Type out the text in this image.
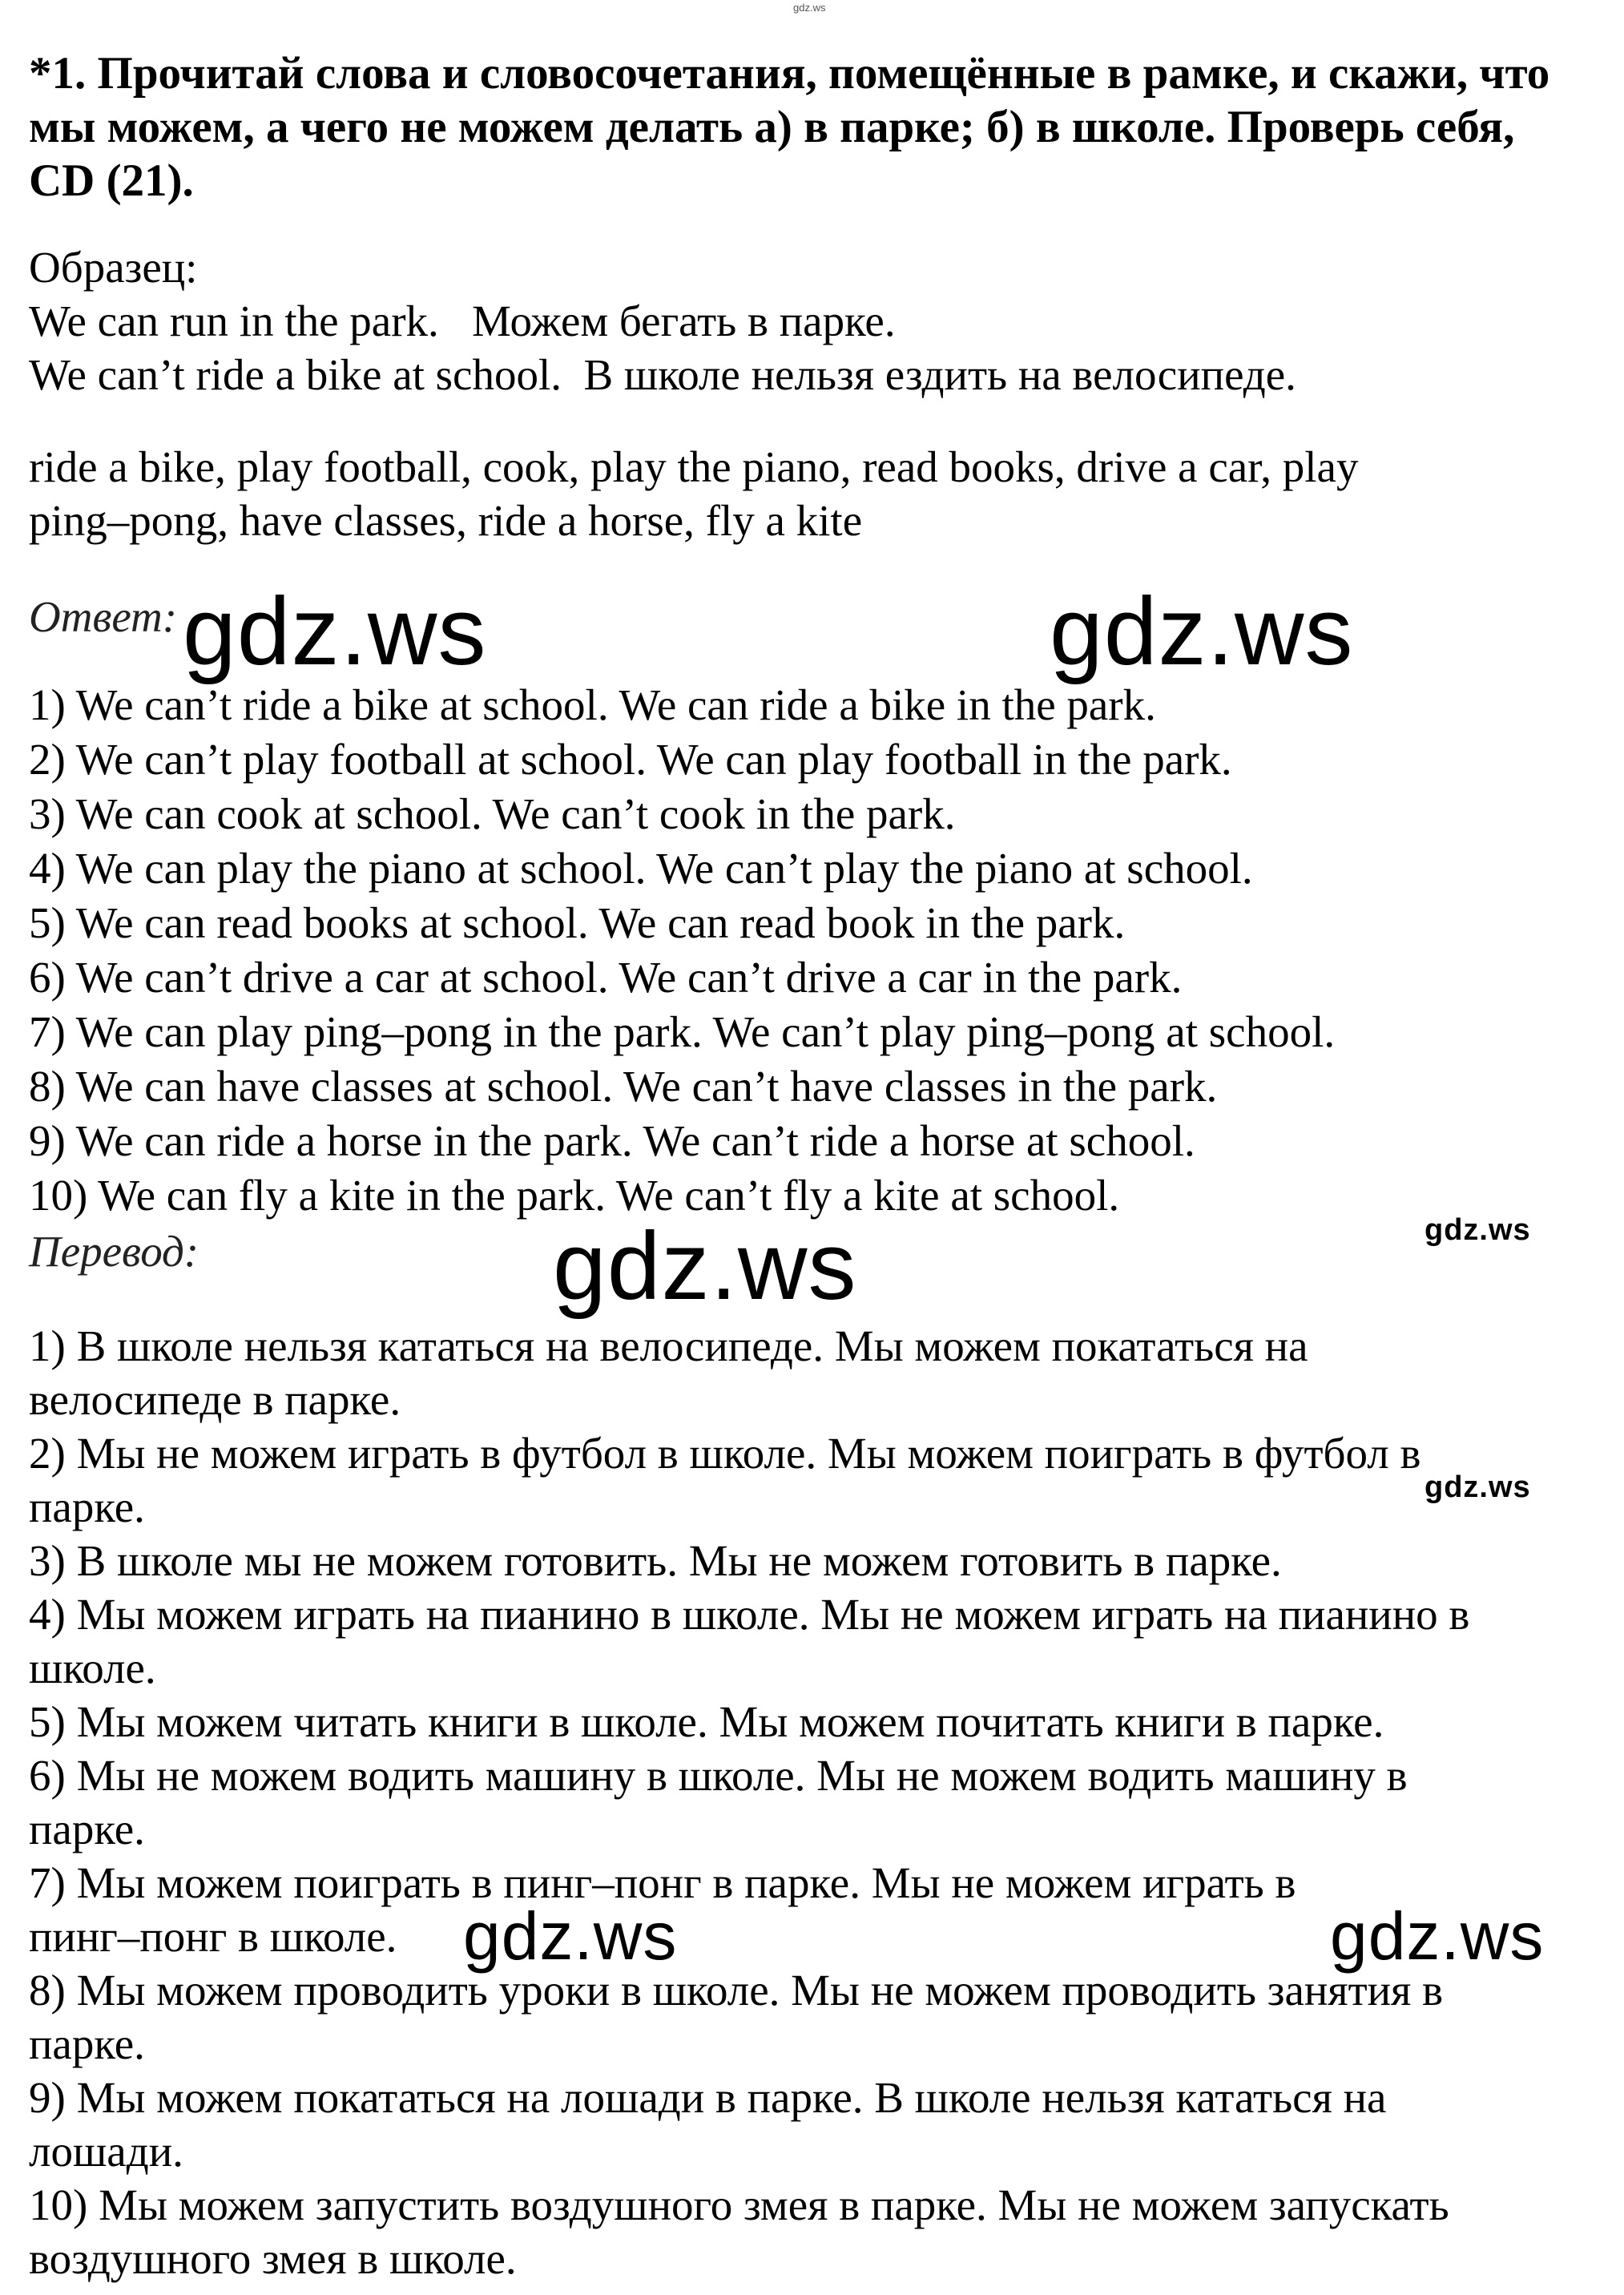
gdz.ws
*1. Прочитай слова и словосочетания, помещённые в рамке, и скажи, что мы можем, а чего не можем делать а) в парке; б) в школе. Проверь себя, CD (21).
Образец:
We can run in the park.   Можем бегать в парке.
We can’t ride a bike at school.  В школе нельзя ездить на велосипеде.
ride a bike, play football, cook, play the piano, read books, drive a car, play
ping–pong, have classes, ride a horse, fly a kite
Ответ:
1) We can’t ride a bike at school. We can ride a bike in the park.
2) We can’t play football at school. We can play football in the park.
3) We can cook at school. We can’t cook in the park.
4) We can play the piano at school. We can’t play the piano at school.
5) We can read books at school. We can read book in the park.
6) We can’t drive a car at school. We can’t drive a car in the park.
7) We can play ping–pong in the park. We can’t play ping–pong at school.
8) We can have classes at school. We can’t have classes in the park.
9) We can ride a horse in the park. We can’t ride a horse at school.
10) We can fly a kite in the park. We can’t fly a kite at school.
Перевод:
1) В школе нельзя кататься на велосипеде. Мы можем покататься на
велосипеде в парке.
2) Мы не можем играть в футбол в школе. Мы можем поиграть в футбол в
парке.
3) В школе мы не можем готовить. Мы не можем готовить в парке.
4) Мы можем играть на пианино в школе. Мы не можем играть на пианино в
школе.
5) Мы можем читать книги в школе. Мы можем почитать книги в парке.
6) Мы не можем водить машину в школе. Мы не можем водить машину в
парке.
7) Мы можем поиграть в пинг–понг в парке. Мы не можем играть в
пинг–понг в школе.
8) Мы можем проводить уроки в школе. Мы не можем проводить занятия в
парке.
9) Мы можем покататься на лошади в парке. В школе нельзя кататься на
лошади.
10) Мы можем запустить воздушного змея в парке. Мы не можем запускать
воздушного змея в школе.
gdz.ws	gdz.ws
gdz.ws	gdz.ws
gdz.ws
gdz.ws	gdz.ws
